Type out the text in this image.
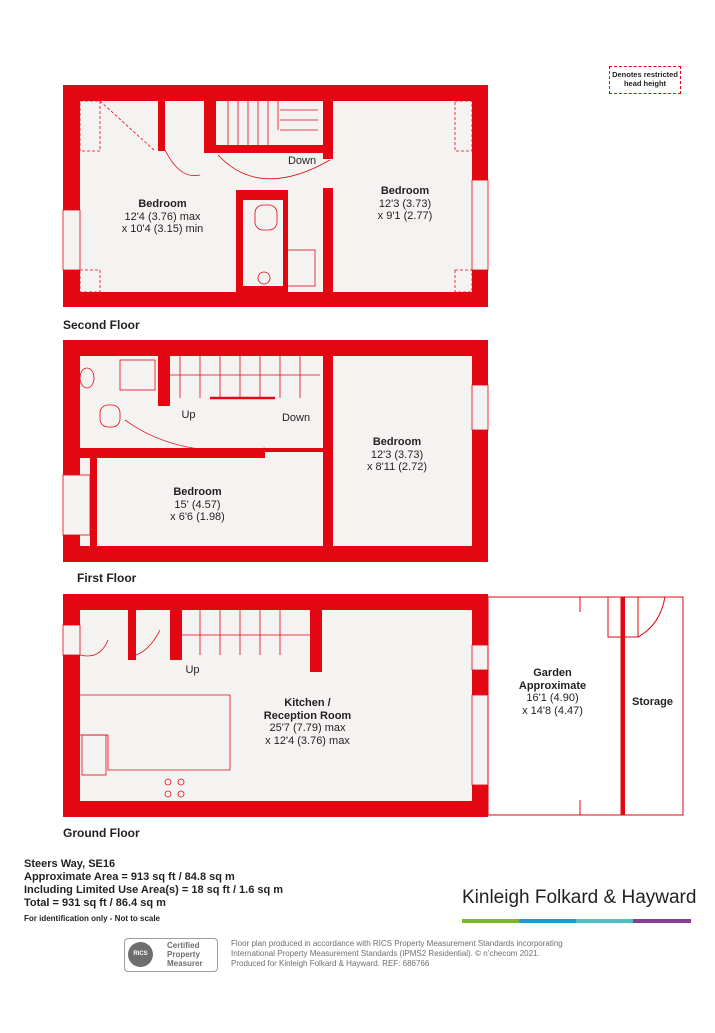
Denotes restricted head height
Second Floor
First Floor
Ground Floor
Bedroom
12'4 (3.76) max
x 10'4 (3.15) min
Bedroom
12'3 (3.73)
x 9'1 (2.77)
Down
Bedroom
12'3 (3.73)
x 8'11 (2.72)
Bedroom
15' (4.57)
x 6'6 (1.98)
Up	Down
Kitchen /
Reception Room
25'7 (7.79) max
x 12'4 (3.76) max
Garden
Approximate
16'1 (4.90)
x 14'8 (4.47)
Storage
Up
Steers Way, SE16
Approximate Area = 913 sq ft / 84.8 sq m
Including Limited Use Area(s) = 18 sq ft / 1.6 sq m
Total = 931 sq ft / 86.4 sq m
For identification only - Not to scale
Kinleigh Folkard & Hayward
RICS
Certified
Property
Measurer
Floor plan produced in accordance with RICS Property Measurement Standards incorporating
International Property Measurement Standards (IPMS2 Residential). © n’checom 2021.
Produced for Kinleigh Folkard & Hayward. REF: 686766
